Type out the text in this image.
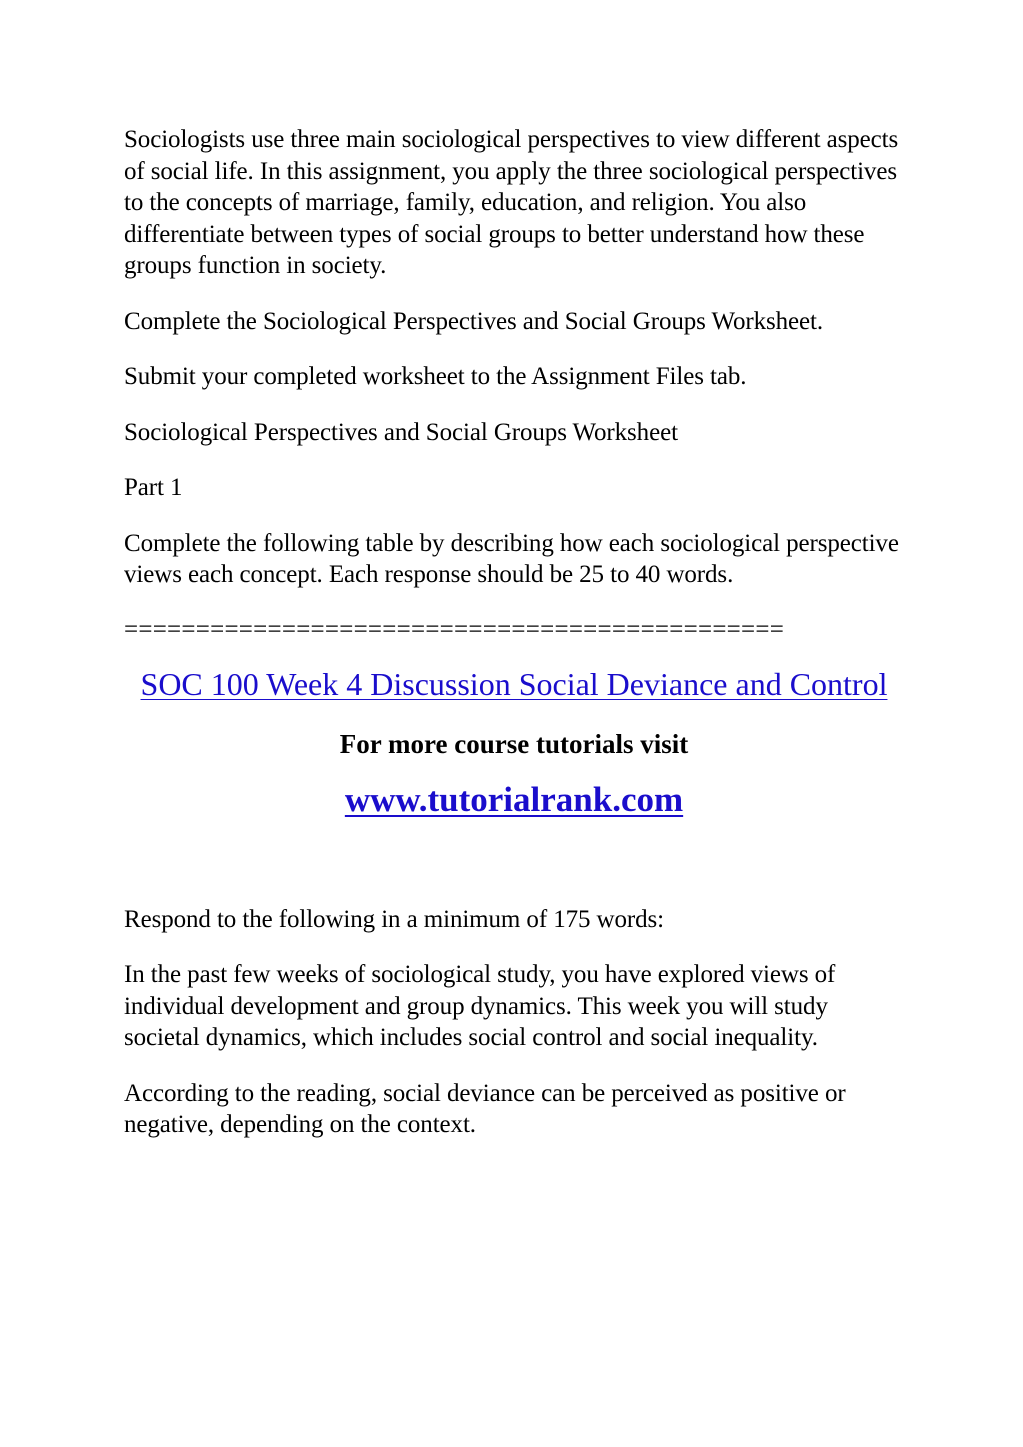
Sociologists use three main sociological perspectives to view different aspects of social life. In this assignment, you apply the three sociological perspectives to the concepts of marriage, family, education, and religion. You also differentiate between types of social groups to better understand how these groups function in society.

Complete the Sociological Perspectives and Social Groups Worksheet.

Submit your completed worksheet to the Assignment Files tab.

Sociological Perspectives and Social Groups Worksheet

Part 1

Complete the following table by describing how each sociological perspective views each concept. Each response should be 25 to 40 words.

==============================================
SOC 100 Week 4 Discussion Social Deviance and Control
For more course tutorials visit
www.tutorialrank.com

Respond to the following in a minimum of 175 words:

In the past few weeks of sociological study, you have explored views of individual development and group dynamics. This week you will study societal dynamics, which includes social control and social inequality.

According to the reading, social deviance can be perceived as positive or negative, depending on the context.
